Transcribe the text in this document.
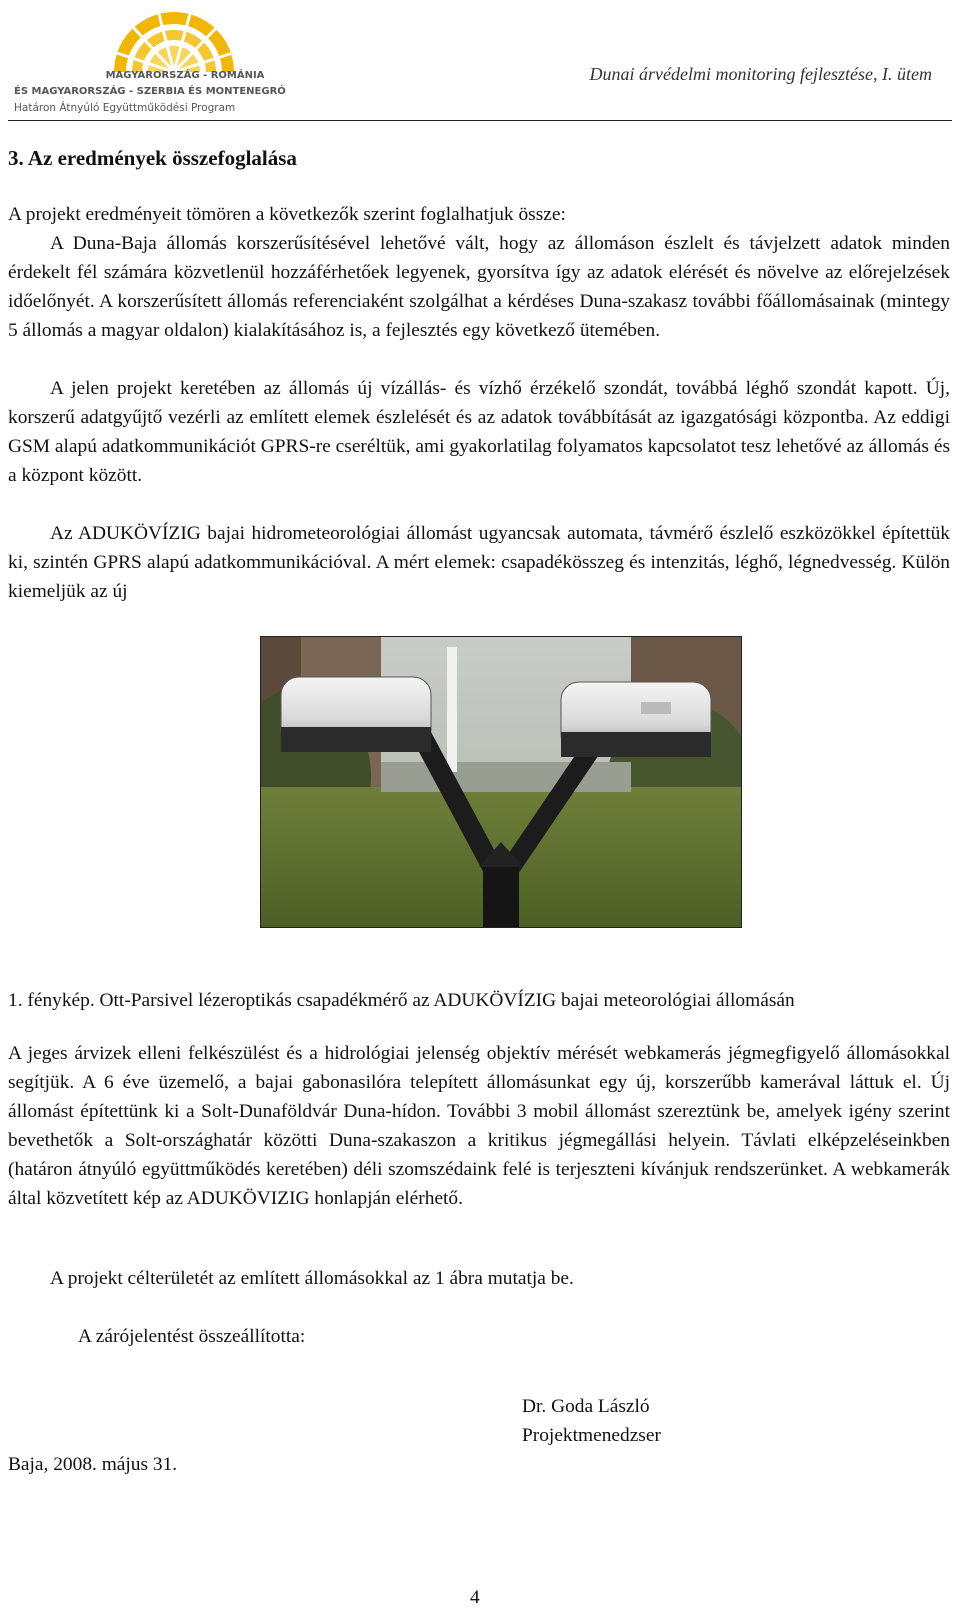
MAGYARORSZÁG - ROMÁNIA
ÉS MAGYARORSZÁG - SZERBIA ÉS MONTENEGRÓ
Határon Átnyúló Együttműködési Program
Dunai árvédelmi monitoring fejlesztése, I. ütem
3. Az eredmények összefoglalása

A projekt eredményeit tömören a következők szerint foglalhatjuk össze:

A Duna-Baja állomás korszerűsítésével lehetővé vált, hogy az állomáson észlelt és távjelzett adatok minden érdekelt fél számára közvetlenül hozzáférhetőek legyenek, gyorsítva így az adatok elérését és növelve az előrejelzések időelőnyét. A korszerűsített állomás referenciaként szolgálhat a kérdéses Duna-szakasz további főállomásainak (mintegy 5 állomás a magyar oldalon) kialakításához is, a fejlesztés egy következő ütemében.

A jelen projekt keretében az állomás új vízállás- és vízhő érzékelő szondát, továbbá léghő szondát kapott. Új, korszerű adatgyűjtő vezérli az említett elemek észlelését és az adatok továbbítását az igazgatósági központba. Az eddigi GSM alapú adatkommunikációt GPRS-re cseréltük, ami gyakorlatilag folyamatos kapcsolatot tesz lehetővé az állomás és a központ között.

Az ADUKÖVÍZIG bajai hidrometeorológiai állomást ugyancsak automata, távmérő észlelő eszközökkel építettük ki, szintén GPRS alapú adatkommunikációval. A mért elemek: csapadékösszeg és intenzitás, léghő, légnedvesség. Külön kiemeljük az új

1. fénykép. Ott-Parsivel lézeroptikás csapadékmérő az ADUKÖVÍZIG bajai meteorológiai állomásán

A jeges árvizek elleni felkészülést és a hidrológiai jelenség objektív mérését webkamerás jégmegfigyelő állomásokkal segítjük. A 6 éve üzemelő, a bajai gabonasilóra telepített állomásunkat egy új, korszerűbb kamerával láttuk el. Új állomást építettünk ki a Solt-Dunaföldvár Duna-hídon. További 3 mobil állomást szereztünk be, amelyek igény szerint bevethetők a Solt-országhatár közötti Duna-szakaszon a kritikus jégmegállási helyein. Távlati elképzeléseinkben (határon átnyúló együttműködés keretében) déli szomszédaink felé is terjeszteni kívánjuk rendszerünket. A webkamerák által közvetített kép az ADUKÖVIZIG honlapján elérhető.

A projekt célterületét az említett állomásokkal az 1 ábra mutatja be.

A zárójelentést összeállította:
Dr. Goda László
Projektmenedzser
Baja, 2008. május 31.
4
